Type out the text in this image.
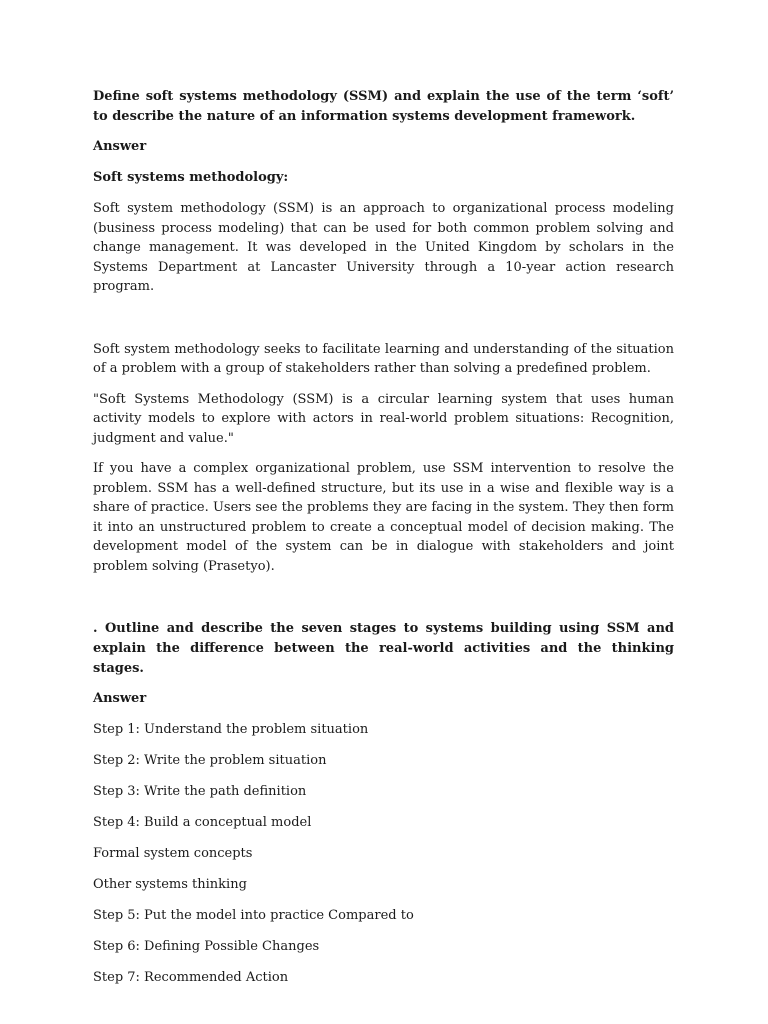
Define soft systems methodology (SSM) and explain the use of the term ‘soft’ to describe the nature of an information systems development framework.

Answer

Soft systems methodology:

Soft system methodology (SSM) is an approach to organizational process modeling (business process modeling) that can be used for both common problem solving and change management. It was developed in the United Kingdom by scholars in the Systems Department at Lancaster University through a 10-year action research program.

Soft system methodology seeks to facilitate learning and understanding of the situation of a problem with a group of stakeholders rather than solving a predefined problem.

"Soft Systems Methodology (SSM) is a circular learning system that uses human activity models to explore with actors in real-world problem situations: Recognition, judgment and value."

If you have a complex organizational problem, use SSM intervention to resolve the problem. SSM has a well-defined structure, but its use in a wise and flexible way is a share of practice. Users see the problems they are facing in the system. They then form it into an unstructured problem to create a conceptual model of decision making. The development model of the system can be in dialogue with stakeholders and joint problem solving (Prasetyo).

. Outline and describe the seven stages to systems building using SSM and explain the difference between the real-world activities and the thinking stages.

Answer

Step 1: Understand the problem situation

Step 2: Write the problem situation

Step 3: Write the path definition

Step 4: Build a conceptual model

Formal system concepts

Other systems thinking

Step 5: Put the model into practice Compared to

Step 6: Defining Possible Changes

Step 7: Recommended Action
